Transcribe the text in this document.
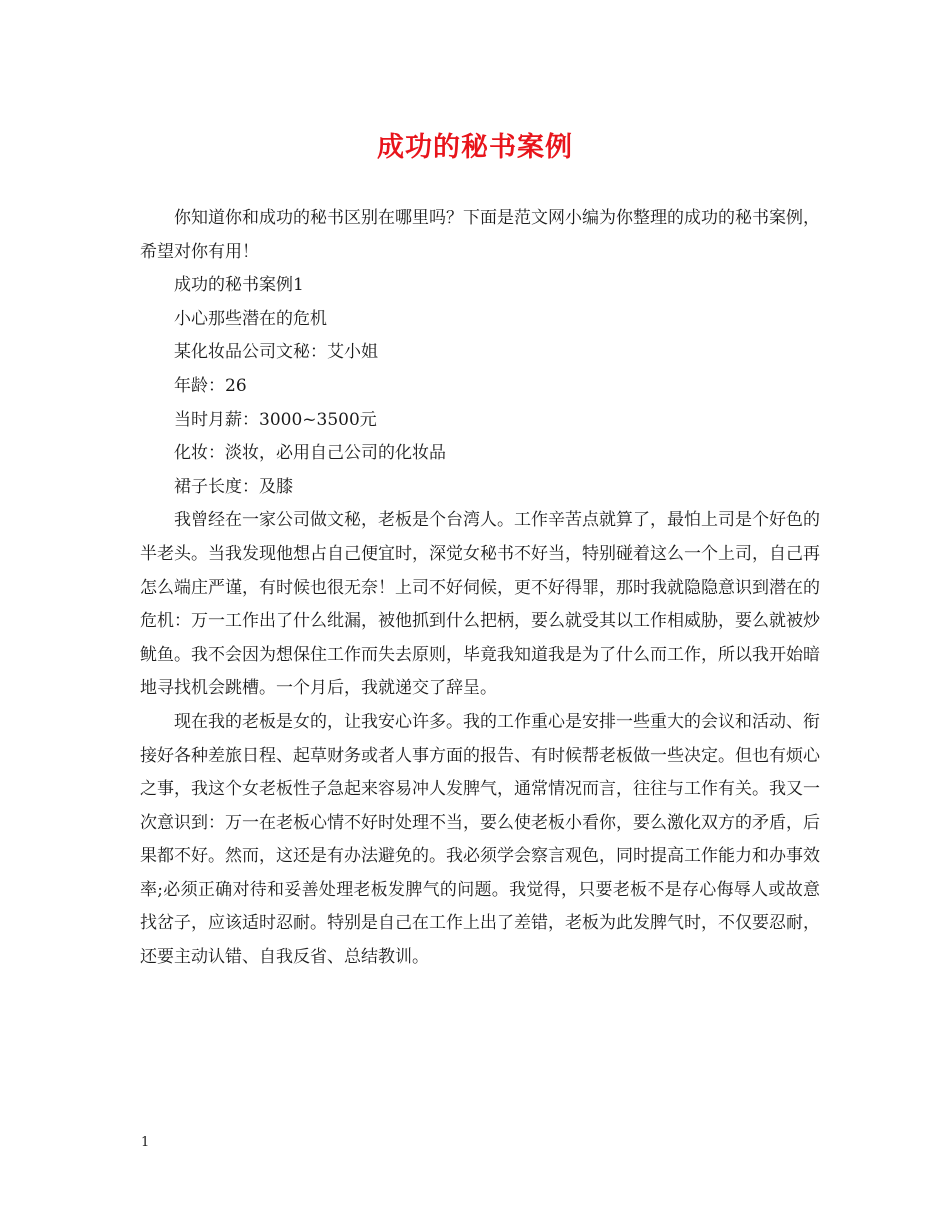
成功的秘书案例

你知道你和成功的秘书区别在哪里吗？下面是范文网小编为你整理的成功的秘书案例，希望对你有用！

成功的秘书案例1

小心那些潜在的危机

某化妆品公司文秘：艾小姐

年龄：26

当时月薪：3000~3500元

化妆：淡妆，必用自己公司的化妆品

裙子长度：及膝

我曾经在一家公司做文秘，老板是个台湾人。工作辛苦点就算了，最怕上司是个好色的半老头。当我发现他想占自己便宜时，深觉女秘书不好当，特别碰着这么一个上司，自己再怎么端庄严谨，有时候也很无奈！上司不好伺候，更不好得罪，那时我就隐隐意识到潜在的危机：万一工作出了什么纰漏，被他抓到什么把柄，要么就受其以工作相威胁，要么就被炒鱿鱼。我不会因为想保住工作而失去原则，毕竟我知道我是为了什么而工作，所以我开始暗地寻找机会跳槽。一个月后，我就递交了辞呈。

现在我的老板是女的，让我安心许多。我的工作重心是安排一些重大的会议和活动、衔接好各种差旅日程、起草财务或者人事方面的报告、有时候帮老板做一些决定。但也有烦心之事，我这个女老板性子急起来容易冲人发脾气，通常情况而言，往往与工作有关。我又一次意识到：万一在老板心情不好时处理不当，要么使老板小看你，要么激化双方的矛盾，后果都不好。然而，这还是有办法避免的。我必须学会察言观色，同时提高工作能力和办事效率;必须正确对待和妥善处理老板发脾气的问题。我觉得，只要老板不是存心侮辱人或故意找岔子，应该适时忍耐。特别是自己在工作上出了差错，老板为此发脾气时，不仅要忍耐，还要主动认错、自我反省、总结教训。

1
